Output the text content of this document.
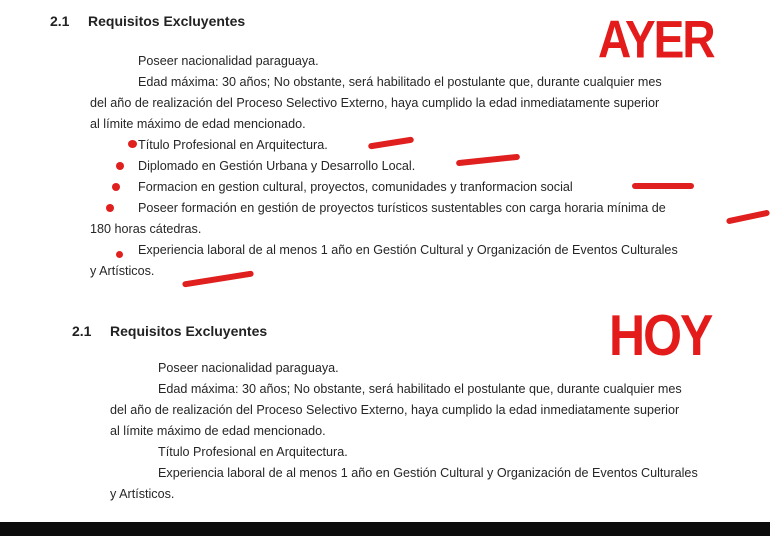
2.1 Requisitos Excluyentes	AYER
Poseer nacionalidad paraguaya.
Edad máxima: 30 años; No obstante, será habilitado el postulante que, durante cualquier mes
del año de realización del Proceso Selectivo Externo, haya cumplido la edad inmediatamente superior
al límite máximo de edad mencionado.
Título Profesional en Arquitectura.
Diplomado en Gestión Urbana y Desarrollo Local.
Formacion en gestion cultural, proyectos, comunidades y tranformacion social
Poseer formación en gestión de proyectos turísticos sustentables con carga horaria mínima de
180 horas cátedras.
Experiencia laboral de al menos 1 año en Gestión Cultural y Organización de Eventos Culturales
y Artísticos.
2.1 Requisitos Excluyentes	HOY
Poseer nacionalidad paraguaya.
Edad máxima: 30 años; No obstante, será habilitado el postulante que, durante cualquier mes
del año de realización del Proceso Selectivo Externo, haya cumplido la edad inmediatamente superior
al límite máximo de edad mencionado.
Título Profesional en Arquitectura.
Experiencia laboral de al menos 1 año en Gestión Cultural y Organización de Eventos Culturales
y Artísticos.
